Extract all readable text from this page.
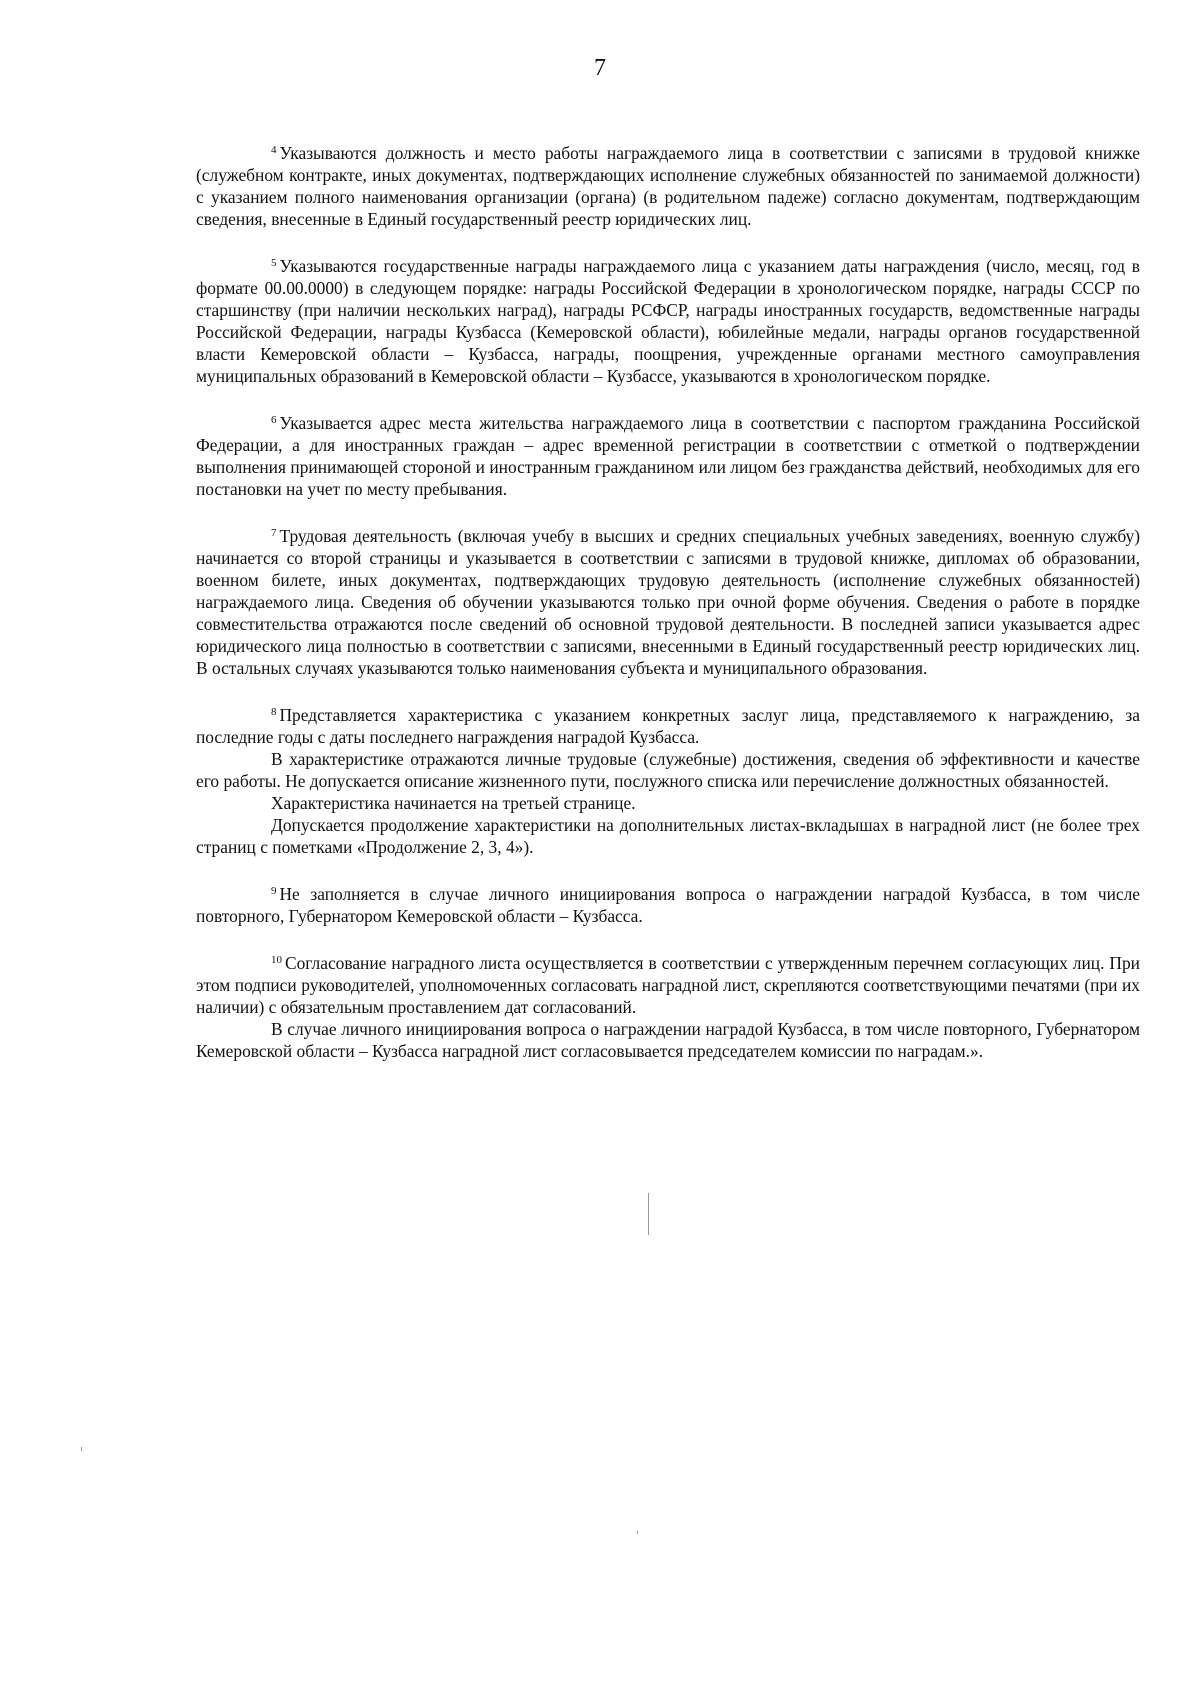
7

$^4$ Указываются должность и место работы награждаемого лица в соответствии с записями в трудовой книжке (служебном контракте, иных документах, подтверждающих исполнение служебных обязанностей по занимаемой должности) с указанием полного наименования организации (органа) (в родительном падеже) согласно документам, подтверждающим сведения, внесенные в Единый государственный реестр юридических лиц.

$^5$ Указываются государственные награды награждаемого лица с указанием даты награждения (число, месяц, год в формате 00.00.0000) в следующем порядке: награды Российской Федерации в хронологическом порядке, награды СССР по старшинству (при наличии нескольких наград), награды РСФСР, награды иностранных государств, ведомственные награды Российской Федерации, награды Кузбасса (Кемеровской области), юбилейные медали, награды органов государственной власти Кемеровской области – Кузбасса, награды, поощрения, учрежденные органами местного самоуправления муниципальных образований в Кемеровской области – Кузбассе, указываются в хронологическом порядке.

$^6$ Указывается адрес места жительства награждаемого лица в соответствии с паспортом гражданина Российской Федерации, а для иностранных граждан – адрес временной регистрации в соответствии с отметкой о подтверждении выполнения принимающей стороной и иностранным гражданином или лицом без гражданства действий, необходимых для его постановки на учет по месту пребывания.

$^7$ Трудовая деятельность (включая учебу в высших и средних специальных учебных заведениях, военную службу) начинается со второй страницы и указывается в соответствии с записями в трудовой книжке, дипломах об образовании, военном билете, иных документах, подтверждающих трудовую деятельность (исполнение служебных обязанностей) награждаемого лица. Сведения об обучении указываются только при очной форме обучения. Сведения о работе в порядке совместительства отражаются после сведений об основной трудовой деятельности. В последней записи указывается адрес юридического лица полностью в соответствии с записями, внесенными в Единый государственный реестр юридических лиц. В остальных случаях указываются только наименования субъекта и муниципального образования.

$^8$ Представляется характеристика с указанием конкретных заслуг лица, представляемого к награждению, за последние годы с даты последнего награждения наградой Кузбасса.

В характеристике отражаются личные трудовые (служебные) достижения, сведения об эффективности и качестве его работы. Не допускается описание жизненного пути, послужного списка или перечисление должностных обязанностей.

Характеристика начинается на третьей странице.

Допускается продолжение характеристики на дополнительных листах-вкладышах в наградной лист (не более трех страниц с пометками «Продолжение 2, 3, 4»).

$^9$ Не заполняется в случае личного инициирования вопроса о награждении наградой Кузбасса, в том числе повторного, Губернатором Кемеровской области – Кузбасса.

$^{10}$ Согласование наградного листа осуществляется в соответствии с утвержденным перечнем согласующих лиц. При этом подписи руководителей, уполномоченных согласовать наградной лист, скрепляются соответствующими печатями (при их наличии) с обязательным проставлением дат согласований.

В случае личного инициирования вопроса о награждении наградой Кузбасса, в том числе повторного, Губернатором Кемеровской области – Кузбасса наградной лист согласовывается председателем комиссии по наградам.».
